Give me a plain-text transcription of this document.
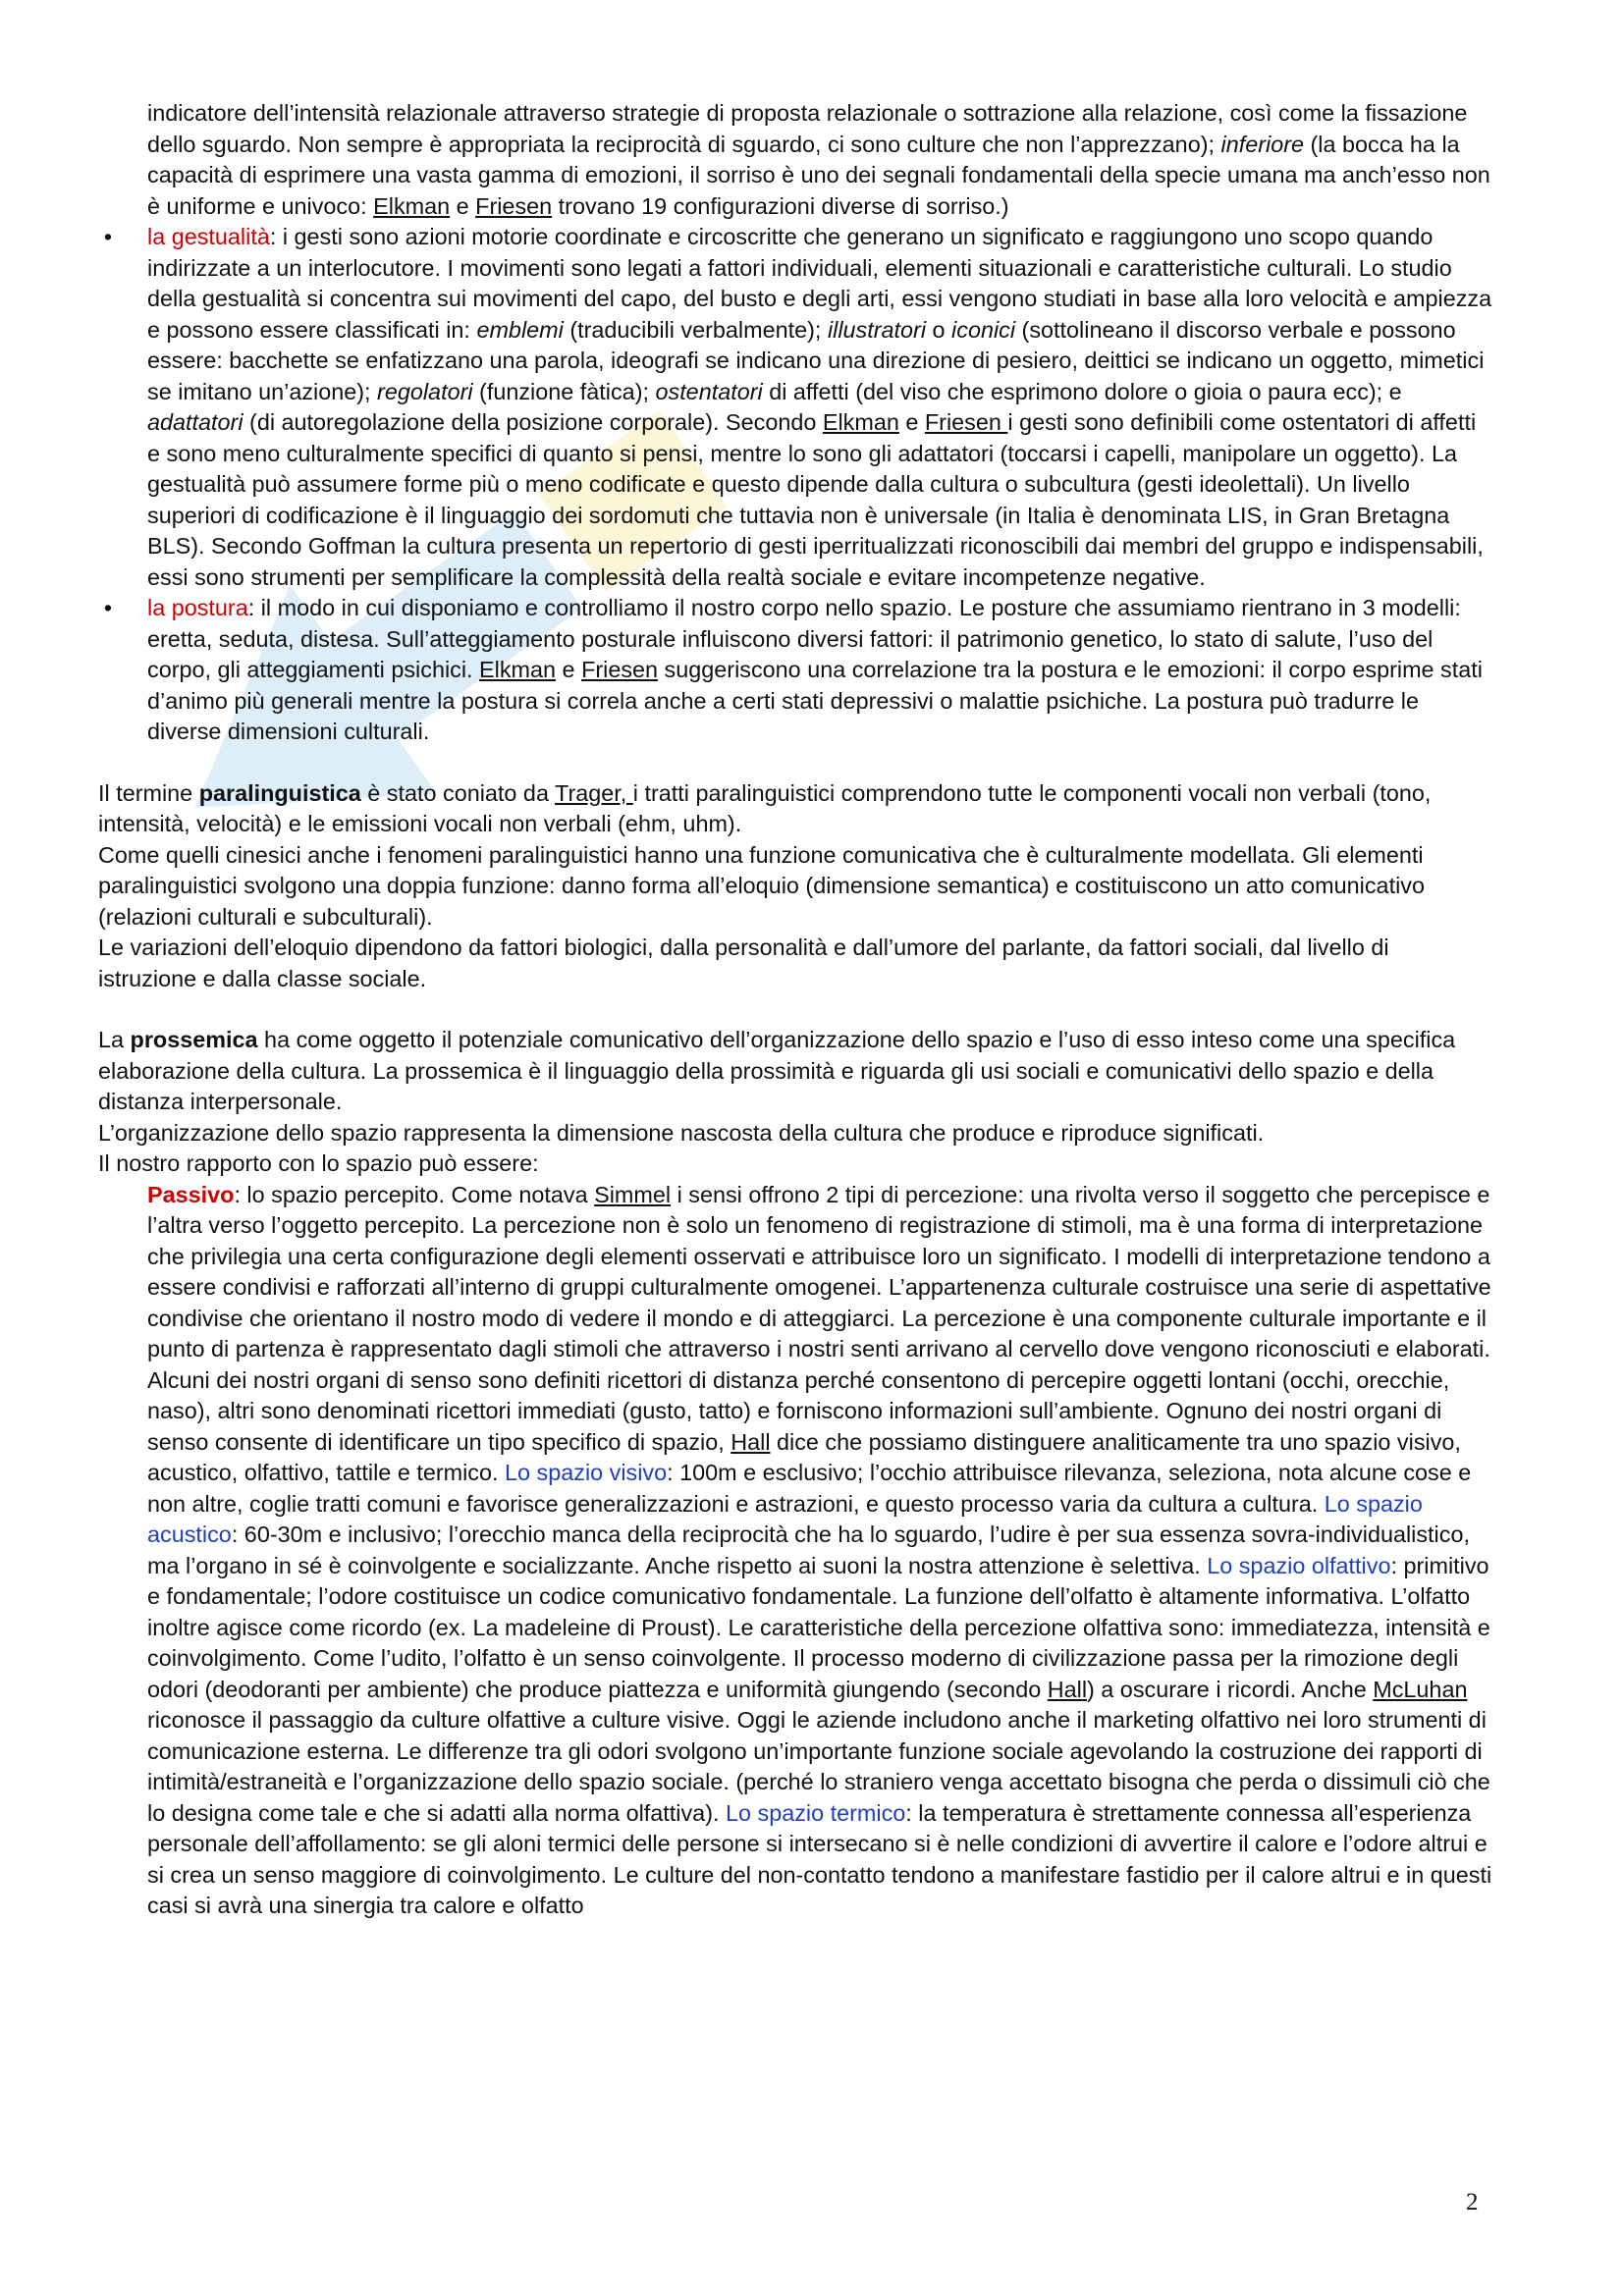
indicatore dell’intensità relazionale attraverso strategie di proposta relazionale o sottrazione alla relazione, così come la fissazione dello sguardo. Non sempre è appropriata la reciprocità di sguardo, ci sono culture che non l’apprezzano); inferiore (la bocca ha la capacità di esprimere una vasta gamma di emozioni, il sorriso è uno dei segnali fondamentali della specie umana ma anch’esso non è uniforme e univoco: Elkman e Friesen trovano 19 configurazioni diverse di sorriso.)

• la gestualità: i gesti sono azioni motorie coordinate e circoscritte che generano un significato e raggiungono uno scopo quando indirizzate a un interlocutore. I movimenti sono legati a fattori individuali, elementi situazionali e caratteristiche culturali. Lo studio della gestualità si concentra sui movimenti del capo, del busto e degli arti, essi vengono studiati in base alla loro velocità e ampiezza e possono essere classificati in: emblemi (traducibili verbalmente); illustratori o iconici (sottolineano il discorso verbale e possono essere: bacchette se enfatizzano una parola, ideografi se indicano una direzione di pesiero, deittici se indicano un oggetto, mimetici se imitano un’azione); regolatori (funzione fàtica); ostentatori di affetti (del viso che esprimono dolore o gioia o paura ecc); e adattatori (di autoregolazione della posizione corporale). Secondo Elkman e Friesen i gesti sono definibili come ostentatori di affetti e sono meno culturalmente specifici di quanto si pensi, mentre lo sono gli adattatori (toccarsi i capelli, manipolare un oggetto). La gestualità può assumere forme più o meno codificate e questo dipende dalla cultura o subcultura (gesti ideolettali). Un livello superiori di codificazione è il linguaggio dei sordomuti che tuttavia non è universale (in Italia è denominata LIS, in Gran Bretagna BLS). Secondo Goffman la cultura presenta un repertorio di gesti iperritualizzati riconoscibili dai membri del gruppo e indispensabili, essi sono strumenti per semplificare la complessità della realtà sociale e evitare incompetenze negative.

• la postura: il modo in cui disponiamo e controlliamo il nostro corpo nello spazio. Le posture che assumiamo rientrano in 3 modelli: eretta, seduta, distesa. Sull’atteggiamento posturale influiscono diversi fattori: il patrimonio genetico, lo stato di salute, l’uso del corpo, gli atteggiamenti psichici. Elkman e Friesen suggeriscono una correlazione tra la postura e le emozioni: il corpo esprime stati d’animo più generali mentre la postura si correla anche a certi stati depressivi o malattie psichiche. La postura può tradurre le diverse dimensioni culturali.

Il termine paralinguistica è stato coniato da Trager, i tratti paralinguistici comprendono tutte le componenti vocali non verbali (tono, intensità, velocità) e le emissioni vocali non verbali (ehm, uhm).

Come quelli cinesici anche i fenomeni paralinguistici hanno una funzione comunicativa che è culturalmente modellata. Gli elementi paralinguistici svolgono una doppia funzione: danno forma all’eloquio (dimensione semantica) e costituiscono un atto comunicativo (relazioni culturali e subculturali).

Le variazioni dell’eloquio dipendono da fattori biologici, dalla personalità e dall’umore del parlante, da fattori sociali, dal livello di istruzione e dalla classe sociale.

La prossemica ha come oggetto il potenziale comunicativo dell’organizzazione dello spazio e l’uso di esso inteso come una specifica elaborazione della cultura. La prossemica è il linguaggio della prossimità e riguarda gli usi sociali e comunicativi dello spazio e della distanza interpersonale.

L’organizzazione dello spazio rappresenta la dimensione nascosta della cultura che produce e riproduce significati.

Il nostro rapporto con lo spazio può essere:

Passivo: lo spazio percepito. Come notava Simmel i sensi offrono 2 tipi di percezione: una rivolta verso il soggetto che percepisce e l’altra verso l’oggetto percepito. La percezione non è solo un fenomeno di registrazione di stimoli, ma è una forma di interpretazione che privilegia una certa configurazione degli elementi osservati e attribuisce loro un significato. I modelli di interpretazione tendono a essere condivisi e rafforzati all’interno di gruppi culturalmente omogenei. L’appartenenza culturale costruisce una serie di aspettative condivise che orientano il nostro modo di vedere il mondo e di atteggiarci. La percezione è una componente culturale importante e il punto di partenza è rappresentato dagli stimoli che attraverso i nostri senti arrivano al cervello dove vengono riconosciuti e elaborati. Alcuni dei nostri organi di senso sono definiti ricettori di distanza perché consentono di percepire oggetti lontani (occhi, orecchie, naso), altri sono denominati ricettori immediati (gusto, tatto) e forniscono informazioni sull’ambiente. Ognuno dei nostri organi di senso consente di identificare un tipo specifico di spazio, Hall dice che possiamo distinguere analiticamente tra uno spazio visivo, acustico, olfattivo, tattile e termico. Lo spazio visivo: 100m e esclusivo; l’occhio attribuisce rilevanza, seleziona, nota alcune cose e non altre, coglie tratti comuni e favorisce generalizzazioni e astrazioni, e questo processo varia da cultura a cultura. Lo spazio acustico: 60-30m e inclusivo; l’orecchio manca della reciprocità che ha lo sguardo, l’udire è per sua essenza sovra-individualistico, ma l’organo in sé è coinvolgente e socializzante. Anche rispetto ai suoni la nostra attenzione è selettiva. Lo spazio olfattivo: primitivo e fondamentale; l’odore costituisce un codice comunicativo fondamentale. La funzione dell’olfatto è altamente informativa. L’olfatto inoltre agisce come ricordo (ex. La madeleine di Proust). Le caratteristiche della percezione olfattiva sono: immediatezza, intensità e coinvolgimento. Come l’udito, l’olfatto è un senso coinvolgente. Il processo moderno di civilizzazione passa per la rimozione degli odori (deodoranti per ambiente) che produce piattezza e uniformità giungendo (secondo Hall) a oscurare i ricordi. Anche McLuhan riconosce il passaggio da culture olfattive a culture visive. Oggi le aziende includono anche il marketing olfattivo nei loro strumenti di comunicazione esterna. Le differenze tra gli odori svolgono un’importante funzione sociale agevolando la costruzione dei rapporti di intimità/estraneità e l’organizzazione dello spazio sociale. (perché lo straniero venga accettato bisogna che perda o dissimuli ciò che lo designa come tale e che si adatti alla norma olfattiva). Lo spazio termico: la temperatura è strettamente connessa all’esperienza personale dell’affollamento: se gli aloni termici delle persone si intersecano si è nelle condizioni di avvertire il calore e l’odore altrui e si crea un senso maggiore di coinvolgimento. Le culture del non-contatto tendono a manifestare fastidio per il calore altrui e in questi casi si avrà una sinergia tra calore e olfatto

2
